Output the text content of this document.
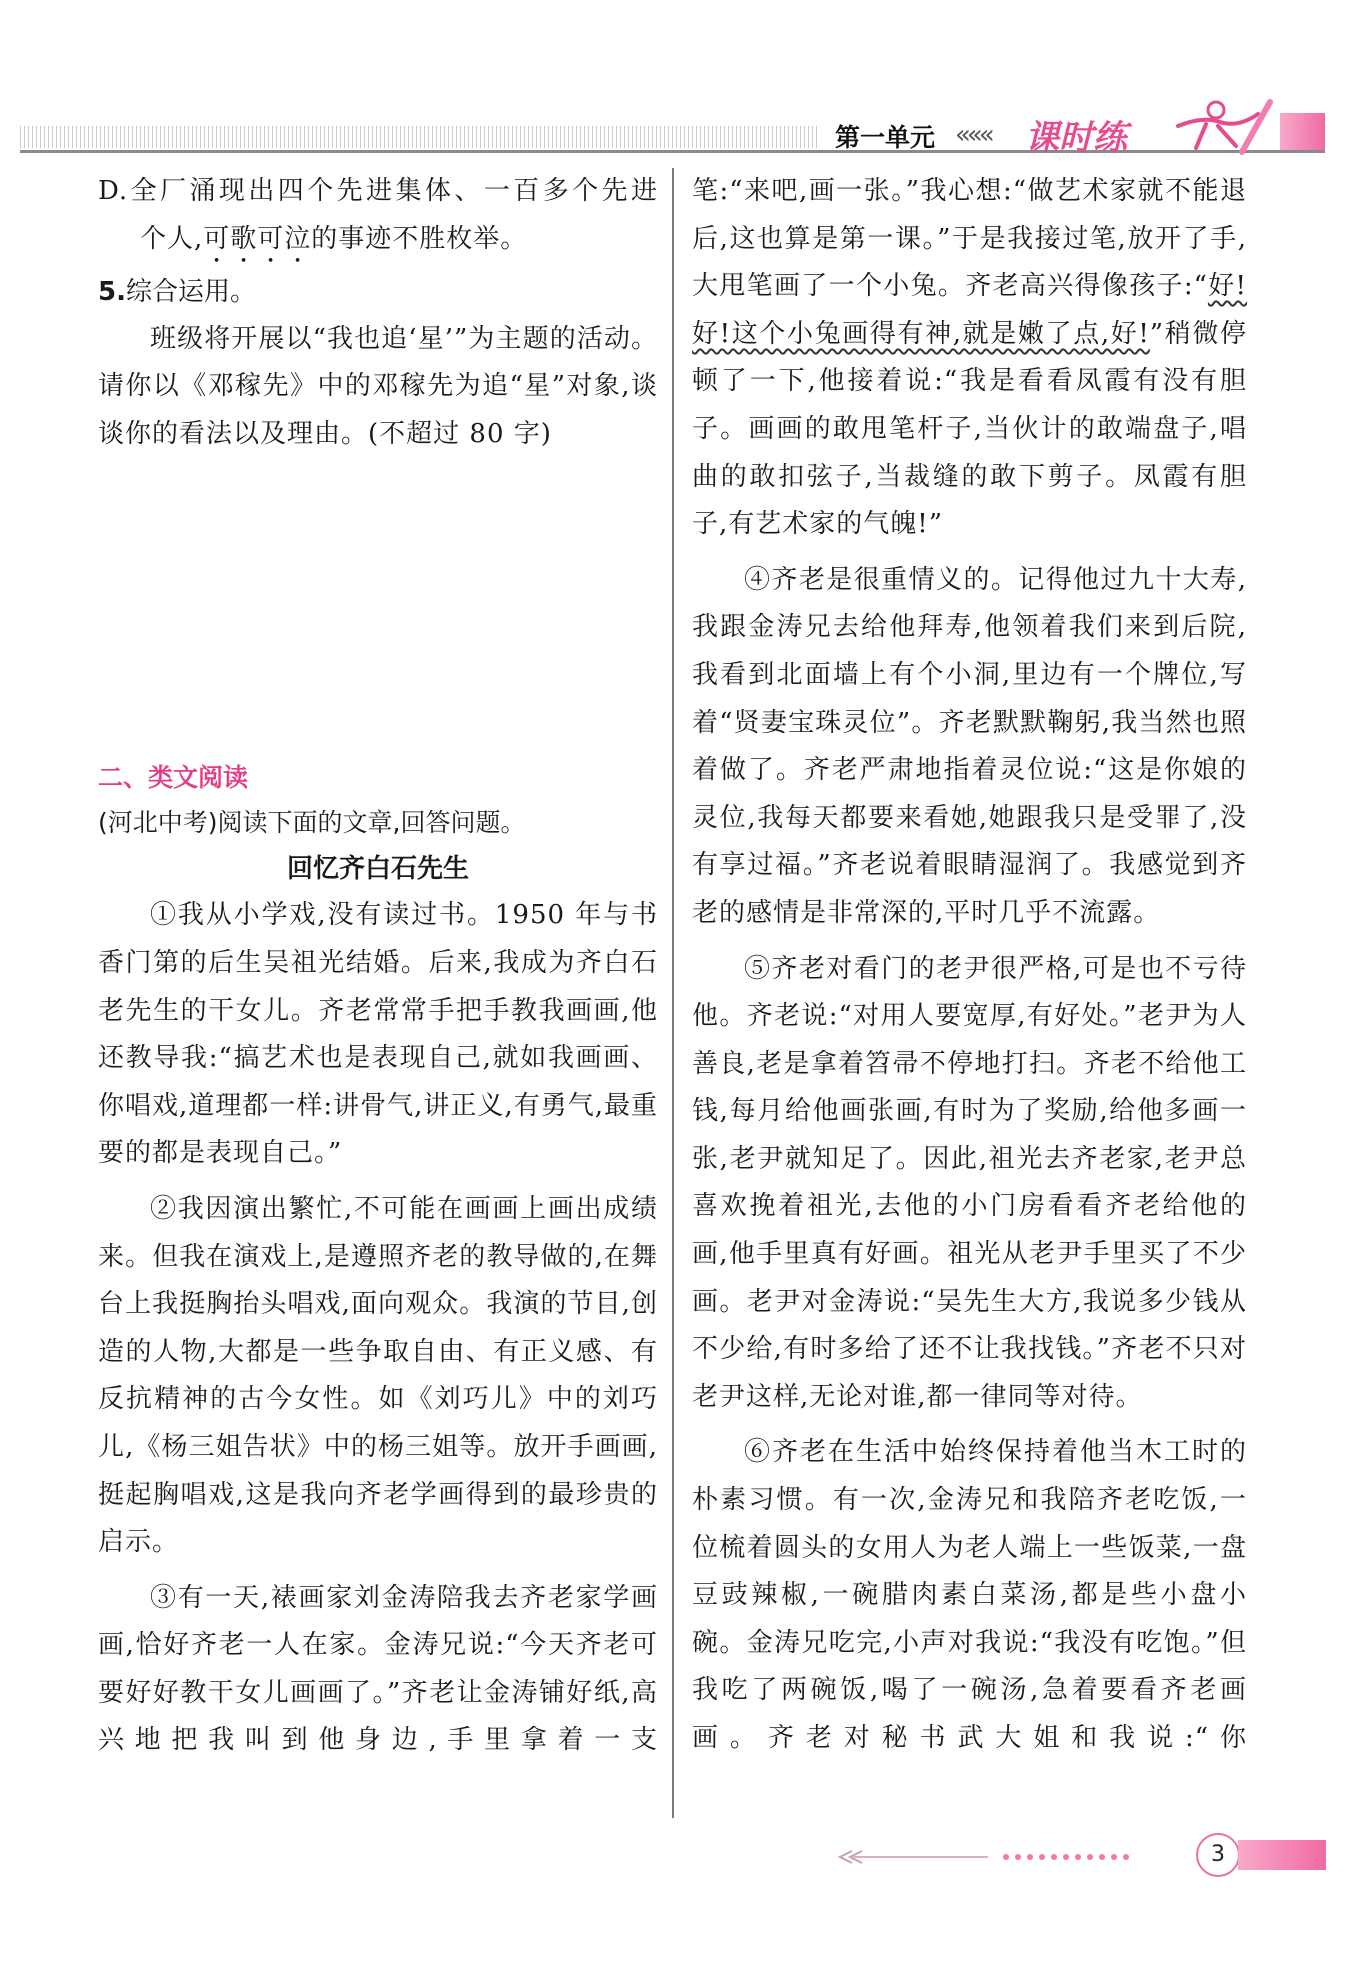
第一单元 ««« 课时练

D.全厂涌现出四个先进集体、一百多个先进

个人,可歌可泣的事迹不胜枚举。

5.综合运用。

班级将开展以“我也追‘星’”为主题的活动。请你以《邓稼先》中的邓稼先为追“星”对象,谈谈你的看法以及理由。(不超过 80 字)

二、类文阅读

(河北中考)阅读下面的文章,回答问题。

回忆齐白石先生

①我从小学戏,没有读过书。1950 年与书香门第的后生吴祖光结婚。后来,我成为齐白石老先生的干女儿。齐老常常手把手教我画画,他还教导我:“搞艺术也是表现自己,就如我画画、你唱戏,道理都一样:讲骨气,讲正义,有勇气,最重要的都是表现自己。”

②我因演出繁忙,不可能在画画上画出成绩来。但我在演戏上,是遵照齐老的教导做的,在舞台上我挺胸抬头唱戏,面向观众。我演的节目,创造的人物,大都是一些争取自由、有正义感、有反抗精神的古今女性。如《刘巧儿》中的刘巧儿,《杨三姐告状》中的杨三姐等。放开手画画,挺起胸唱戏,这是我向齐老学画得到的最珍贵的启示。

③有一天,裱画家刘金涛陪我去齐老家学画画,恰好齐老一人在家。金涛兄说:“今天齐老可要好好教干女儿画画了。”齐老让金涛铺好纸,高兴地把我叫到他身边,手里拿着一支

笔:“来吧,画一张。”我心想:“做艺术家就不能退后,这也算是第一课。”于是我接过笔,放开了手,大甩笔画了一个小兔。齐老高兴得像孩子:“好!好!这个小兔画得有神,就是嫩了点,好!”稍微停顿了一下,他接着说:“我是看看凤霞有没有胆子。画画的敢甩笔杆子,当伙计的敢端盘子,唱曲的敢扣弦子,当裁缝的敢下剪子。凤霞有胆子,有艺术家的气魄!”

④齐老是很重情义的。记得他过九十大寿,我跟金涛兄去给他拜寿,他领着我们来到后院,我看到北面墙上有个小洞,里边有一个牌位,写着“贤妻宝珠灵位”。齐老默默鞠躬,我当然也照着做了。齐老严肃地指着灵位说:“这是你娘的灵位,我每天都要来看她,她跟我只是受罪了,没有享过福。”齐老说着眼睛湿润了。我感觉到齐老的感情是非常深的,平时几乎不流露。

⑤齐老对看门的老尹很严格,可是也不亏待他。齐老说:“对用人要宽厚,有好处。”老尹为人善良,老是拿着笤帚不停地打扫。齐老不给他工钱,每月给他画张画,有时为了奖励,给他多画一张,老尹就知足了。因此,祖光去齐老家,老尹总喜欢挽着祖光,去他的小门房看看齐老给他的画,他手里真有好画。祖光从老尹手里买了不少画。老尹对金涛说:“吴先生大方,我说多少钱从不少给,有时多给了还不让我找钱。”齐老不只对老尹这样,无论对谁,都一律同等对待。

⑥齐老在生活中始终保持着他当木工时的朴素习惯。有一次,金涛兄和我陪齐老吃饭,一位梳着圆头的女用人为老人端上一些饭菜,一盘豆豉辣椒,一碗腊肉素白菜汤,都是些小盘小碗。金涛兄吃完,小声对我说:“我没有吃饱。”但我吃了两碗饭,喝了一碗汤,急着要看齐老画画。齐老对秘书武大姐和我说:“你

3
